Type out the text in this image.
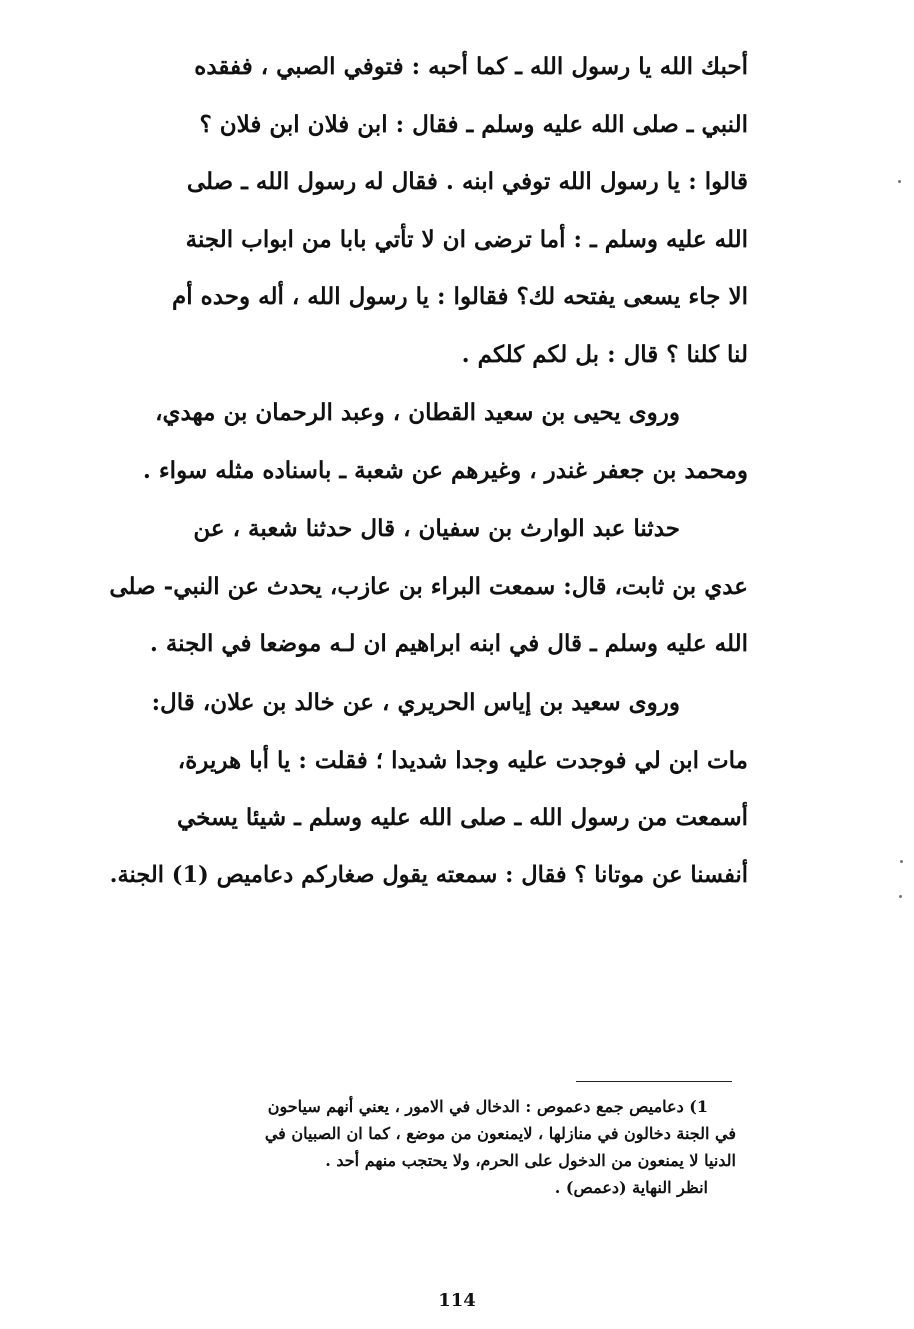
أحبك الله يا رسول الله ـ كما أحبه : فتوفي الصبي ، ففقده
النبي ـ صلى الله عليه وسلم ـ فقال : ابن فلان ابن فلان ؟
قالوا : يا رسول الله توفي ابنه . فقال له رسول الله ـ صلى
الله عليه وسلم ـ : أما ترضى ان لا تأتي بابا من ابواب الجنة
الا جاء يسعى يفتحه لك؟ فقالوا : يا رسول الله ، أله وحده أم
لنا كلنا ؟ قال : بل لكم كلكم .
وروى يحيى بن سعيد القطان ، وعبد الرحمان بن مهدي،
ومحمد بن جعفر غندر ، وغيرهم عن شعبة ـ باسناده مثله سواء .
حدثنا عبد الوارث بن سفيان ، قال حدثنا شعبة ، عن
عدي بن ثابت، قال: سمعت البراء بن عازب، يحدث عن النبي- صلى
الله عليه وسلم ـ قال في ابنه ابراهيم ان لـه موضعا في الجنة .
وروى سعيد بن إياس الحريري ، عن خالد بن علان، قال:
مات ابن لي فوجدت عليه وجدا شديدا ؛ فقلت : يا أبا هريرة،
أسمعت من رسول الله ـ صلى الله عليه وسلم ـ شيئا يسخي
أنفسنا عن موتانا ؟ فقال : سمعته يقول صغاركم دعاميص (1) الجنة.
1) دعاميص جمع دعموص : الدخال في الامور ، يعني أنهم سياحون
في الجنة دخالون في منازلها ، لايمنعون من موضع ، كما ان الصبيان في
الدنيا لا يمنعون من الدخول على الحرم، ولا يحتجب منهم أحد .
انظر النهاية (دعمص) .
114
